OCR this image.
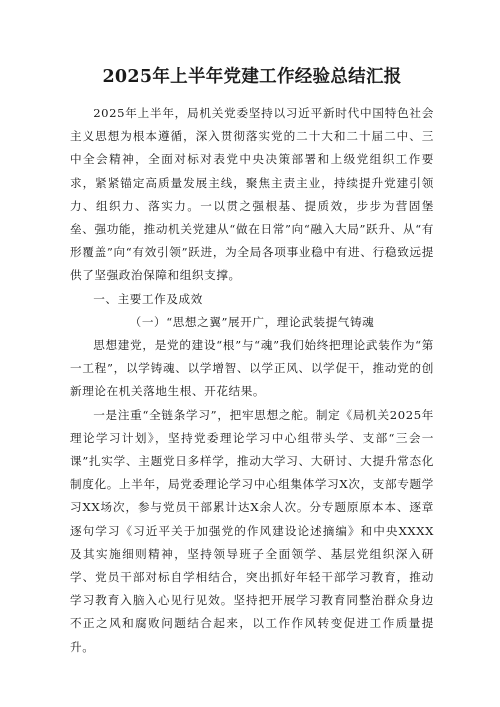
2025年上半年党建工作经验总结汇报

2025年上半年，局机关党委坚持以习近平新时代中国特色社会主义思想为根本遵循，深入贯彻落实党的二十大和二十届二中、三中全会精神，全面对标对表党中央决策部署和上级党组织工作要求，紧紧锚定高质量发展主线，聚焦主责主业，持续提升党建引领力、组织力、落实力。一以贯之强根基、提质效，步步为营固堡垒、强功能，推动机关党建从“做在日常”向“融入大局”跃升、从“有形覆盖”向“有效引领”跃进，为全局各项事业稳中有进、行稳致远提供了坚强政治保障和组织支撑。

一、主要工作及成效

（一）“思想之翼”展开广，理论武装提气铸魂

思想建党，是党的建设“根”与“魂”我们始终把理论武装作为“第一工程”，以学铸魂、以学增智、以学正风、以学促干，推动党的创新理论在机关落地生根、开花结果。

一是注重“全链条学习”，把牢思想之舵。制定《局机关2025年理论学习计划》，坚持党委理论学习中心组带头学、支部“三会一课”扎实学、主题党日多样学，推动大学习、大研讨、大提升常态化制度化。上半年，局党委理论学习中心组集体学习X次，支部专题学习XX场次，参与党员干部累计达X余人次。分专题原原本本、逐章逐句学习《习近平关于加强党的作风建设论述摘编》和中央XXXX及其实施细则精神，坚持领导班子全面领学、基层党组织深入研学、党员干部对标自学相结合，突出抓好年轻干部学习教育，推动学习教育入脑入心见行见效。坚持把开展学习教育同整治群众身边不正之风和腐败问题结合起来，以工作作风转变促进工作质量提升。
